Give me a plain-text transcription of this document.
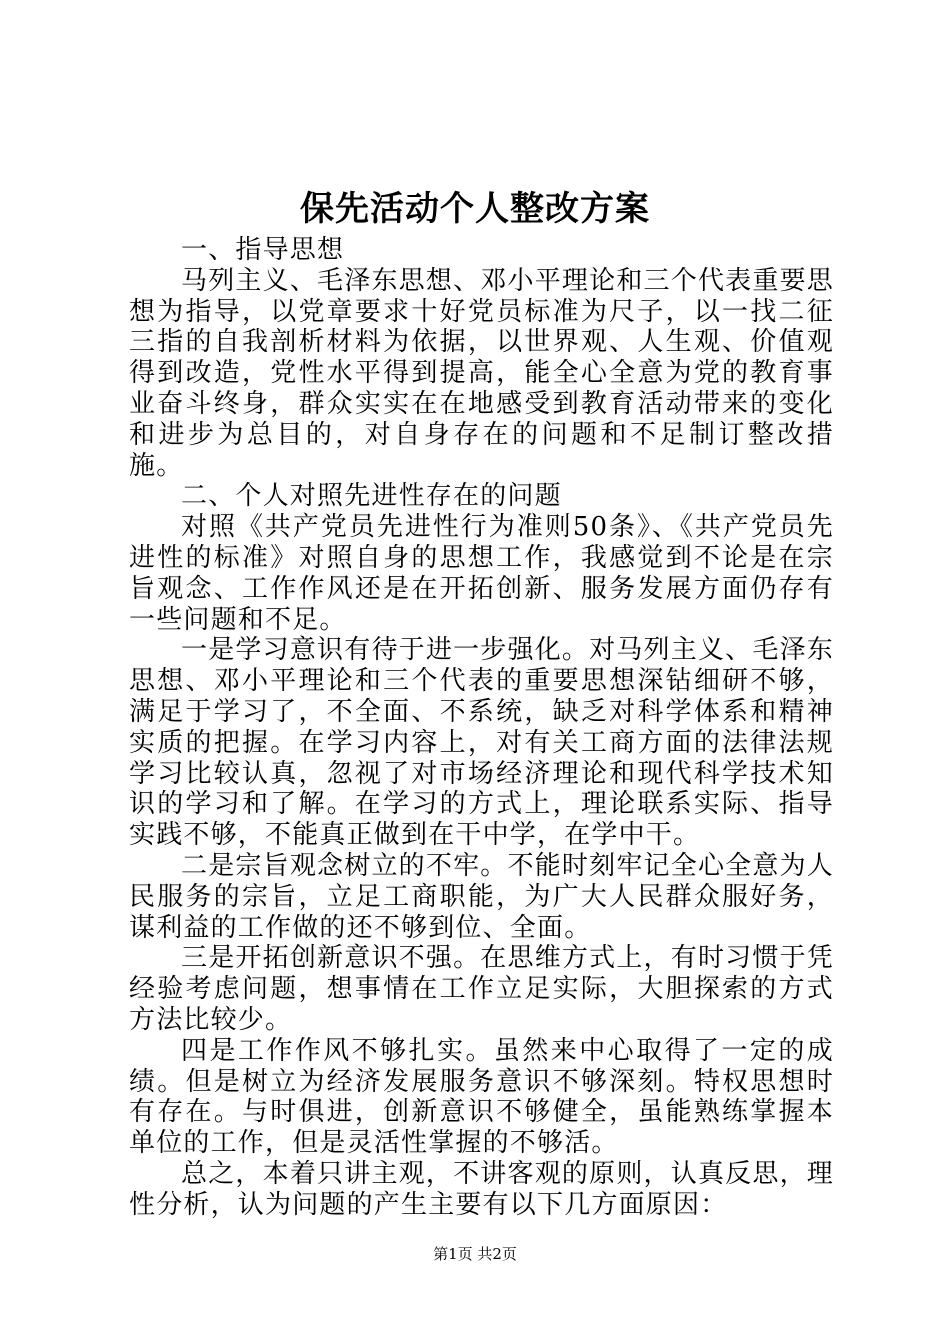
保先活动个人整改方案

一、指导思想

马列主义、毛泽东思想、邓小平理论和三个代表重要思想为指导，以党章要求十好党员标准为尺子，以一找二征三指的自我剖析材料为依据，以世界观、人生观、价值观得到改造，党性水平得到提高，能全心全意为党的教育事业奋斗终身，群众实实在在地感受到教育活动带来的变化和进步为总目的，对自身存在的问题和不足制订整改措施。

二、个人对照先进性存在的问题

对照《共产党员先进性行为准则50条》、《共产党员先进性的标准》对照自身的思想工作，我感觉到不论是在宗旨观念、工作作风还是在开拓创新、服务发展方面仍存有一些问题和不足。

一是学习意识有待于进一步强化。对马列主义、毛泽东思想、邓小平理论和三个代表的重要思想深钻细研不够，满足于学习了，不全面、不系统，缺乏对科学体系和精神实质的把握。在学习内容上，对有关工商方面的法律法规学习比较认真，忽视了对市场经济理论和现代科学技术知识的学习和了解。在学习的方式上，理论联系实际、指导实践不够，不能真正做到在干中学，在学中干。

二是宗旨观念树立的不牢。不能时刻牢记全心全意为人民服务的宗旨，立足工商职能，为广大人民群众服好务，谋利益的工作做的还不够到位、全面。

三是开拓创新意识不强。在思维方式上，有时习惯于凭经验考虑问题，想事情在工作立足实际，大胆探索的方式方法比较少。

四是工作作风不够扎实。虽然来中心取得了一定的成绩。但是树立为经济发展服务意识不够深刻。特权思想时有存在。与时俱进，创新意识不够健全，虽能熟练掌握本单位的工作，但是灵活性掌握的不够活。

总之，本着只讲主观，不讲客观的原则，认真反思，理性分析，认为问题的产生主要有以下几方面原因：

第1页 共2页
